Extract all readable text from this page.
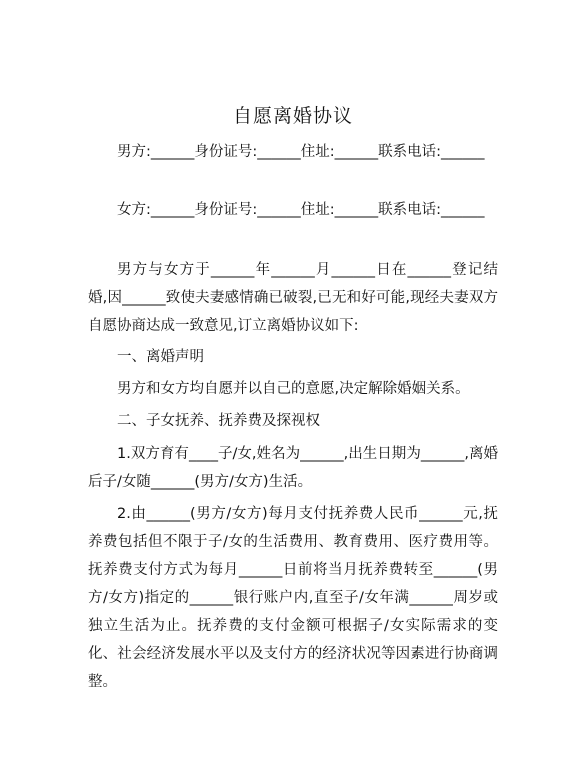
自愿离婚协议

男方:______身份证号:______住址:______联系电话:______

女方:______身份证号:______住址:______联系电话:______

男方与女方于______年______月______日在______登记结婚,因______致使夫妻感情确已破裂,已无和好可能,现经夫妻双方自愿协商达成一致意见,订立离婚协议如下:

一、离婚声明

男方和女方均自愿并以自己的意愿,决定解除婚姻关系。

二、子女抚养、抚养费及探视权

1.双方育有____子/女,姓名为______,出生日期为______,离婚后子/女随______(男方/女方)生活。

2.由______(男方/女方)每月支付抚养费人民币______元,抚养费包括但不限于子/女的生活费用、教育费用、医疗费用等。抚养费支付方式为每月______日前将当月抚养费转至______(男方/女方)指定的______银行账户内,直至子/女年满______周岁或独立生活为止。抚养费的支付金额可根据子/女实际需求的变化、社会经济发展水平以及支付方的经济状况等因素进行协商调整。
